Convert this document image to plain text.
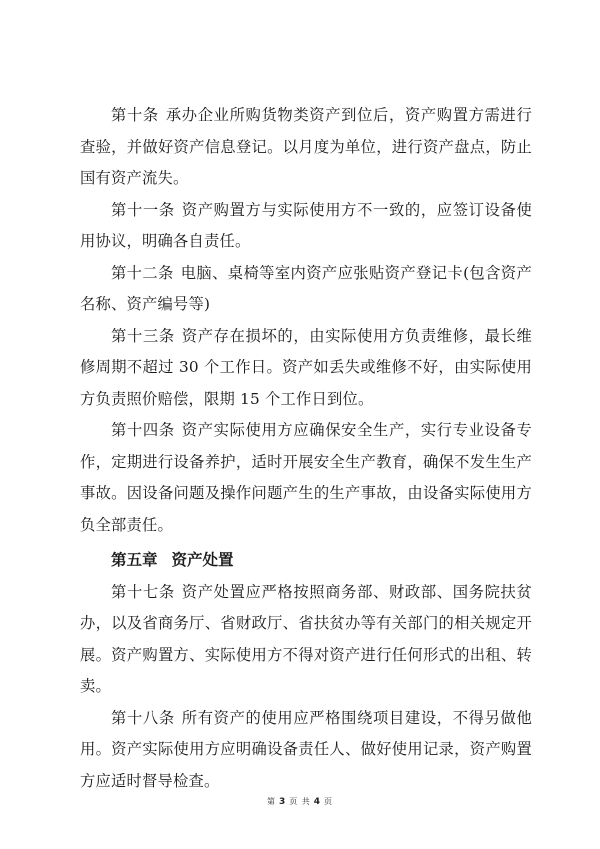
第十条 承办企业所购货物类资产到位后，资产购置方需进行查验，并做好资产信息登记。以月度为单位，进行资产盘点，防止国有资产流失。

第十一条 资产购置方与实际使用方不一致的，应签订设备使用协议，明确各自责任。

第十二条 电脑、桌椅等室内资产应张贴资产登记卡(包含资产名称、资产编号等)

第十三条 资产存在损坏的，由实际使用方负责维修，最长维修周期不超过 30 个工作日。资产如丢失或维修不好，由实际使用方负责照价赔偿，限期 15 个工作日到位。

第十四条 资产实际使用方应确保安全生产，实行专业设备专作，定期进行设备养护，适时开展安全生产教育，确保不发生生产事故。因设备问题及操作问题产生的生产事故，由设备实际使用方负全部责任。

第五章 资产处置

第十七条 资产处置应严格按照商务部、财政部、国务院扶贫办，以及省商务厅、省财政厅、省扶贫办等有关部门的相关规定开展。资产购置方、实际使用方不得对资产进行任何形式的出租、转卖。

第十八条 所有资产的使用应严格围绕项目建设，不得另做他用。资产实际使用方应明确设备责任人、做好使用记录，资产购置方应适时督导检查。

第 3 页 共 4 页
